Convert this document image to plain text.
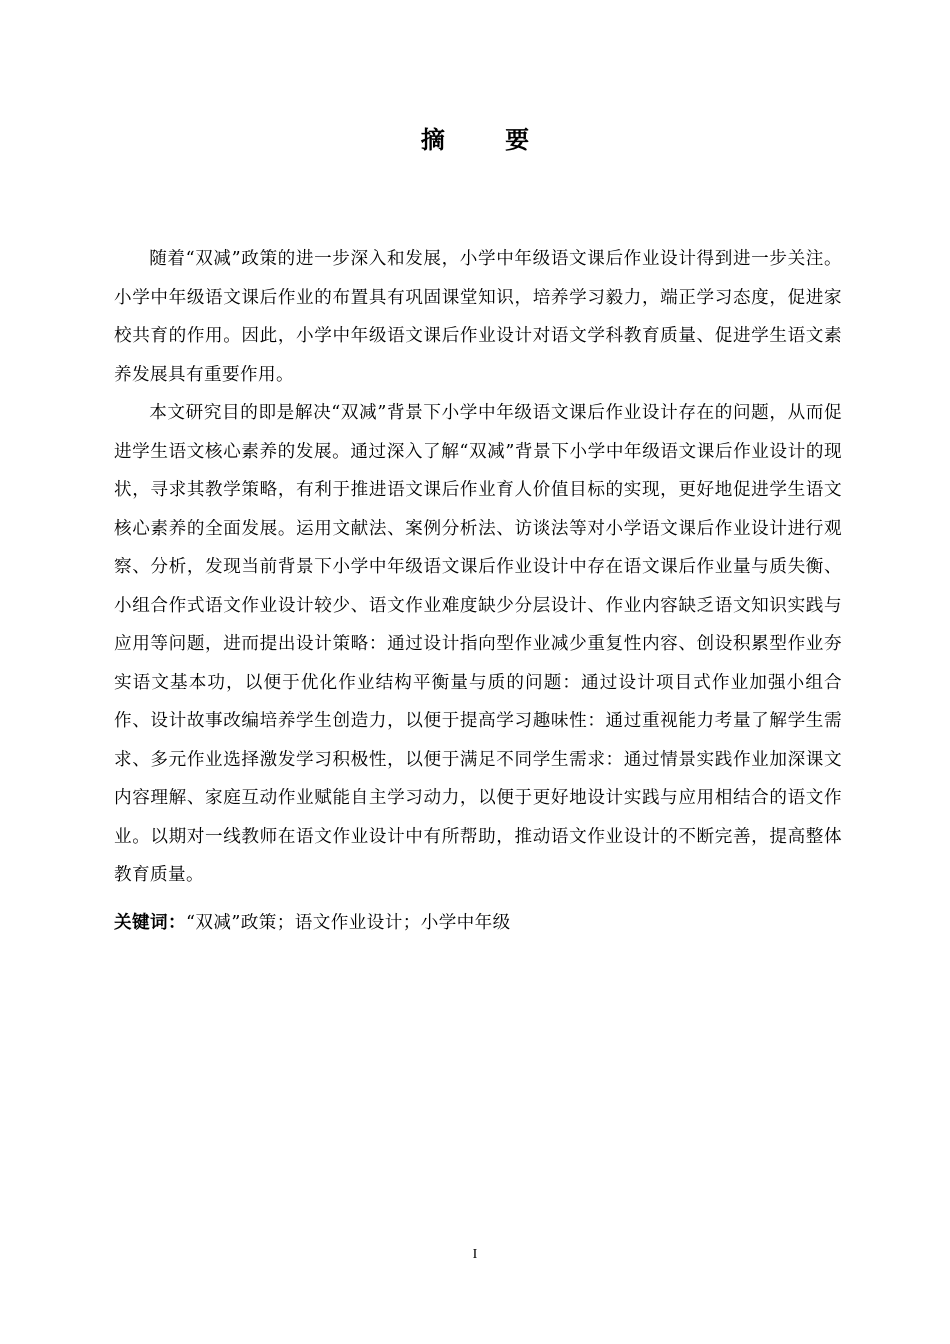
摘 要

随着“双减”政策的进一步深入和发展，小学中年级语文课后作业设计得到进一步关注。小学中年级语文课后作业的布置具有巩固课堂知识，培养学习毅力，端正学习态度，促进家校共育的作用。因此，小学中年级语文课后作业设计对语文学科教育质量、促进学生语文素养发展具有重要作用。

本文研究目的即是解决“双减”背景下小学中年级语文课后作业设计存在的问题，从而促进学生语文核心素养的发展。通过深入了解“双减”背景下小学中年级语文课后作业设计的现状，寻求其教学策略，有利于推进语文课后作业育人价值目标的实现，更好地促进学生语文核心素养的全面发展。运用文献法、案例分析法、访谈法等对小学语文课后作业设计进行观察、分析，发现当前背景下小学中年级语文课后作业设计中存在语文课后作业量与质失衡、小组合作式语文作业设计较少、语文作业难度缺少分层设计、作业内容缺乏语文知识实践与应用等问题，进而提出设计策略：通过设计指向型作业减少重复性内容、创设积累型作业夯实语文基本功，以便于优化作业结构平衡量与质的问题：通过设计项目式作业加强小组合作、设计故事改编培养学生创造力，以便于提高学习趣味性：通过重视能力考量了解学生需求、多元作业选择激发学习积极性，以便于满足不同学生需求：通过情景实践作业加深课文内容理解、家庭互动作业赋能自主学习动力，以便于更好地设计实践与应用相结合的语文作业。以期对一线教师在语文作业设计中有所帮助，推动语文作业设计的不断完善，提高整体教育质量。

关键词：“双减”政策；语文作业设计；小学中年级
I
